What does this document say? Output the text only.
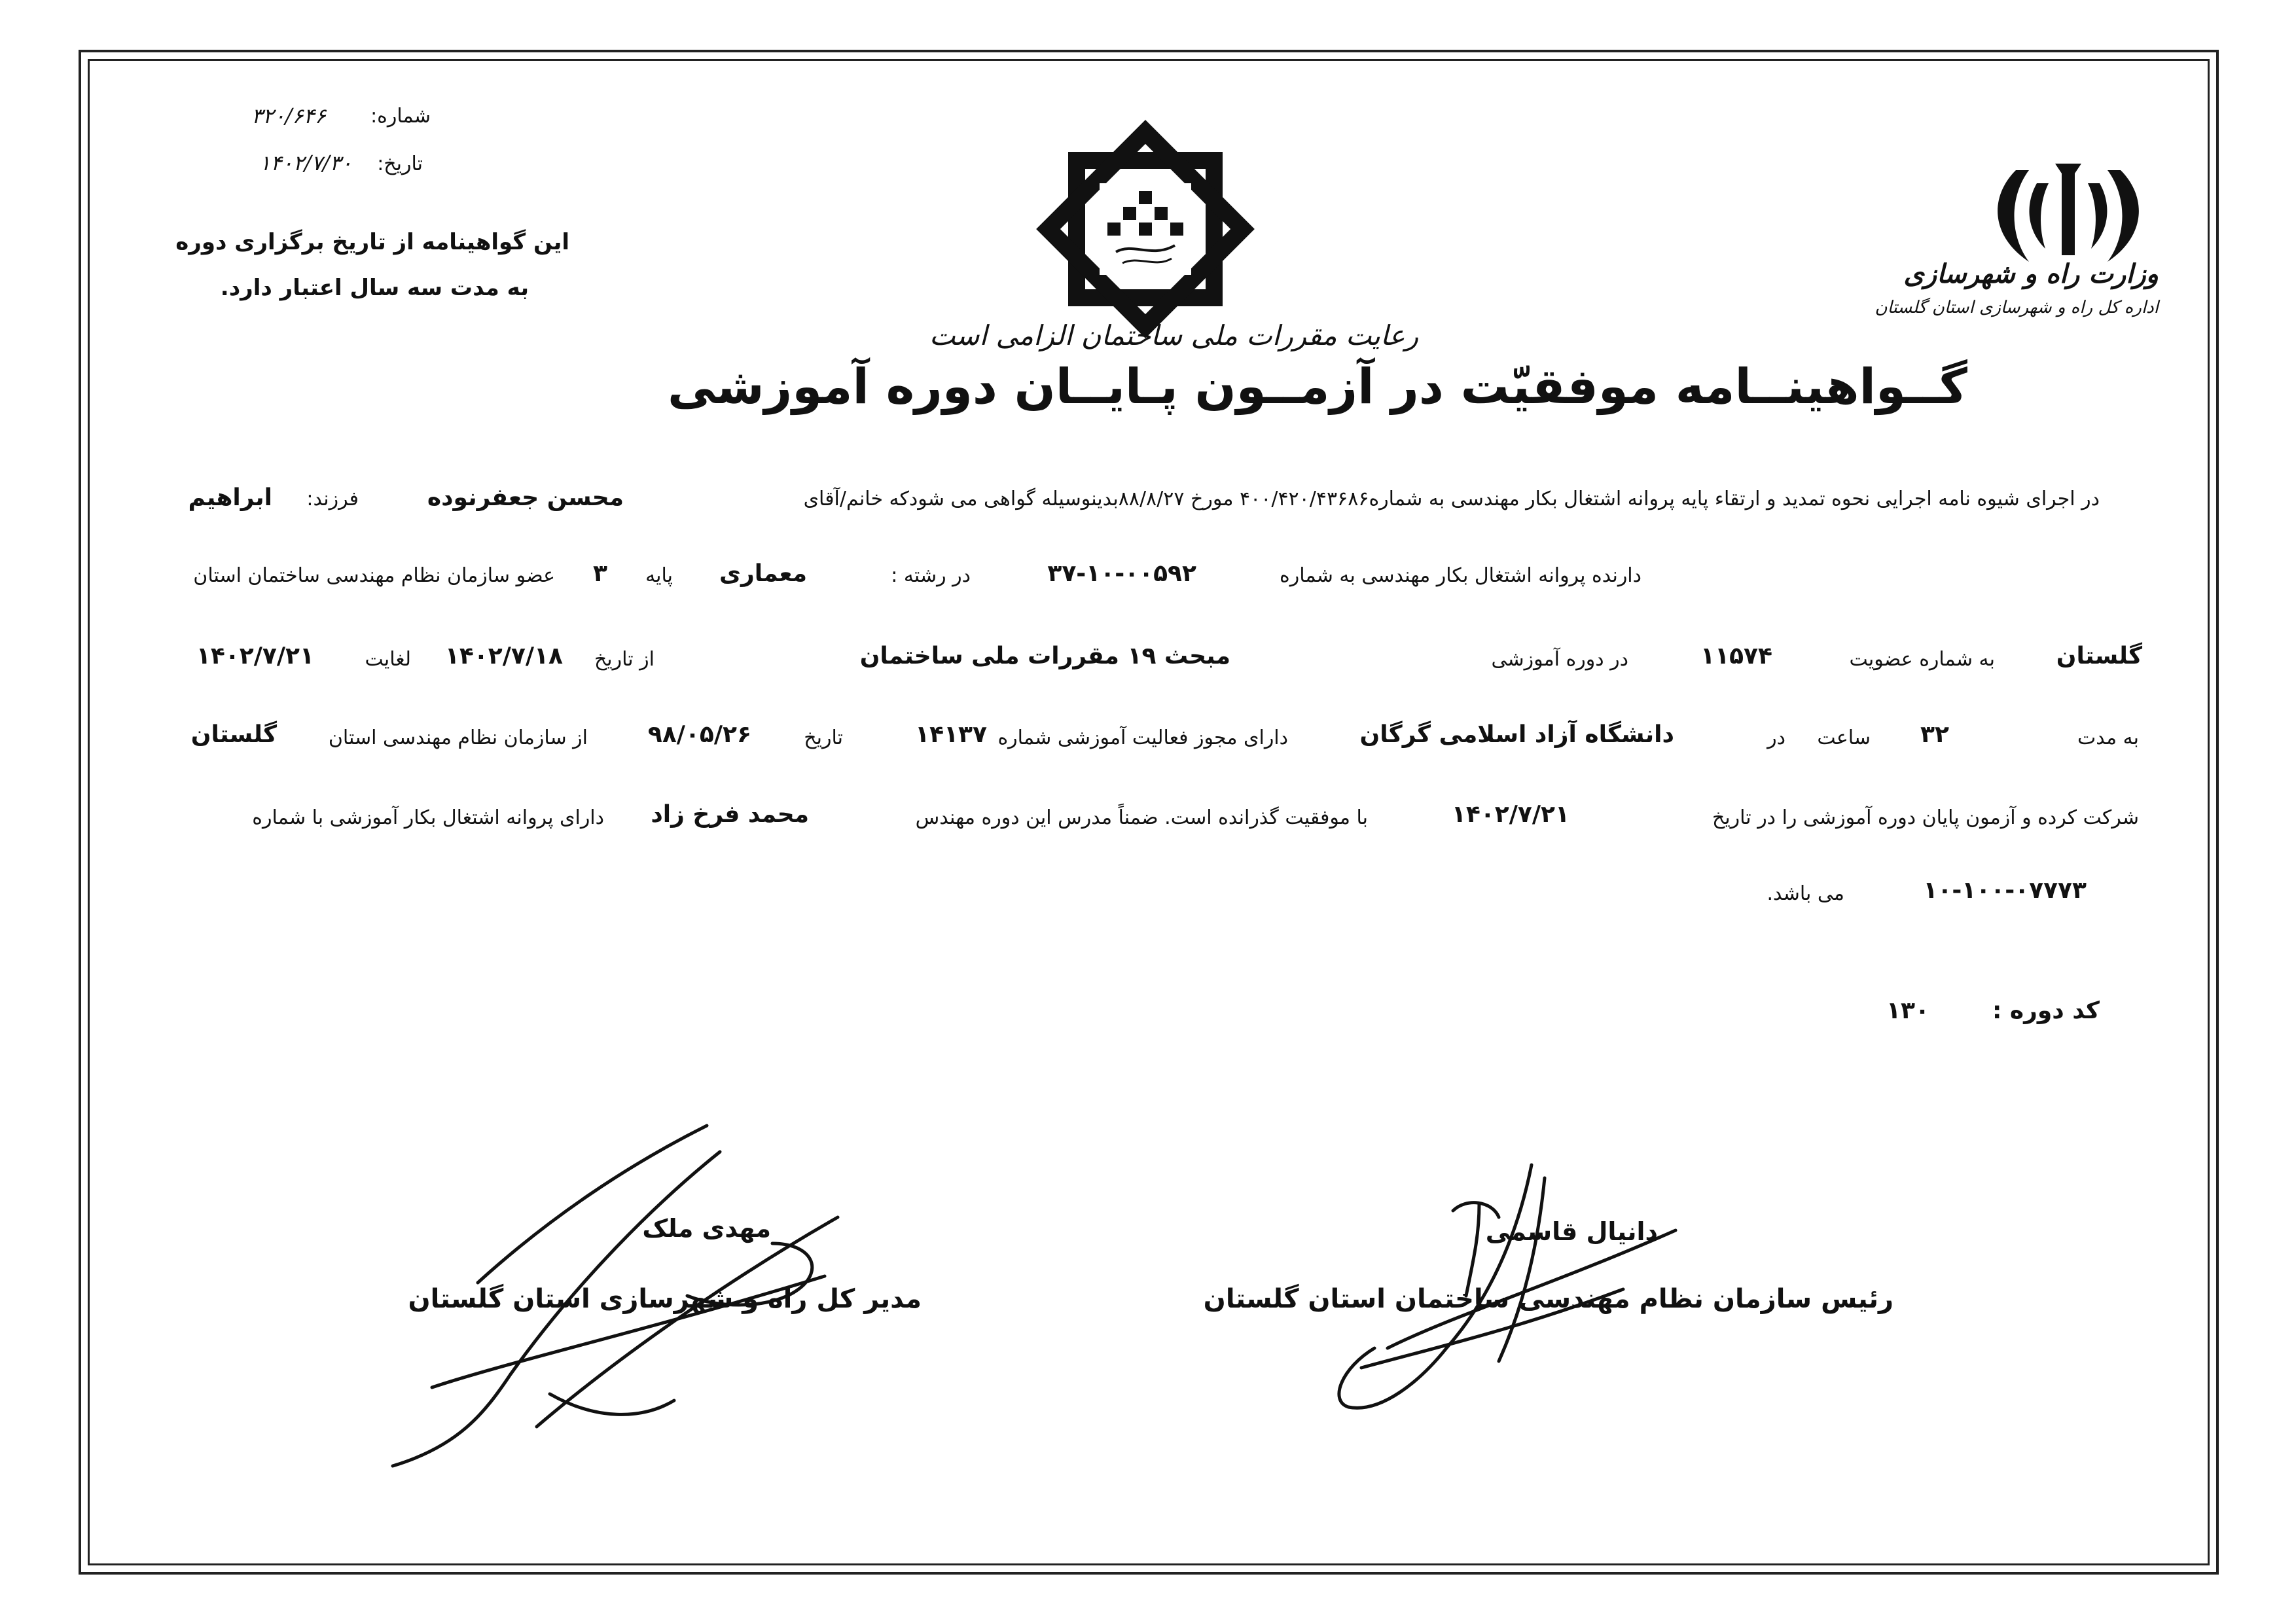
وزارت راه و شهرسازی
اداره کل راه و شهرسازی استان گلستان
رعایت مقررات ملی ساختمان الزامی است
شماره:
۳۲۰/۶۴۶
تاریخ:
۱۴۰۲/۷/۳۰
این گواهینامه از تاریخ برگزاری دوره
به مدت سه سال اعتبار دارد.
گــواهینــامه موفقیّت در آزمــون پـایــان دوره آموزشی
در اجرای شیوه نامه اجرایی نحوه تمدید و ارتقاء پایه پروانه اشتغال بکار مهندسی به شماره۴۰۰/۴۲۰/۴۳۶۸۶ مورخ ۸۸/۸/۲۷بدینوسیله گواهی می شودکه خانم/آقای
محسن جعفرنوده
فرزند:
ابراهیم
دارنده پروانه اشتغال بکار مهندسی به شماره
۳۷-۱۰-۰۰۵۹۲
در رشته :
معماری
پایه
۳
عضو سازمان نظام مهندسی ساختمان استان
گلستان
به شماره عضویت
۱۱۵۷۴
در دوره آموزشی
مبحث ۱۹ مقررات ملی ساختمان
از تاریخ
۱۴۰۲/۷/۱۸
لغایت
۱۴۰۲/۷/۲۱
به مدت
۳۲
ساعت
در
دانشگاه آزاد اسلامی گرگان
دارای مجوز فعالیت آموزشی شماره
۱۴۱۳۷
تاریخ
۹۸/۰۵/۲۶
از سازمان نظام مهندسی استان
گلستان
شرکت کرده و آزمون پایان دوره آموزشی را در تاریخ
۱۴۰۲/۷/۲۱
با موفقیت گذرانده است. ضمناً مدرس این دوره مهندس
محمد فرخ زاد
دارای پروانه اشتغال بکار آموزشی با شماره
۱۰-۱۰۰-۰۷۷۷۳
می باشد.
کد دوره :
۱۳۰
دانیال قاسمی
رئیس سازمان نظام مهندسی ساختمان استان گلستان
مهدی ملک
مدیر کل راه و شهرسازی استان گلستان
